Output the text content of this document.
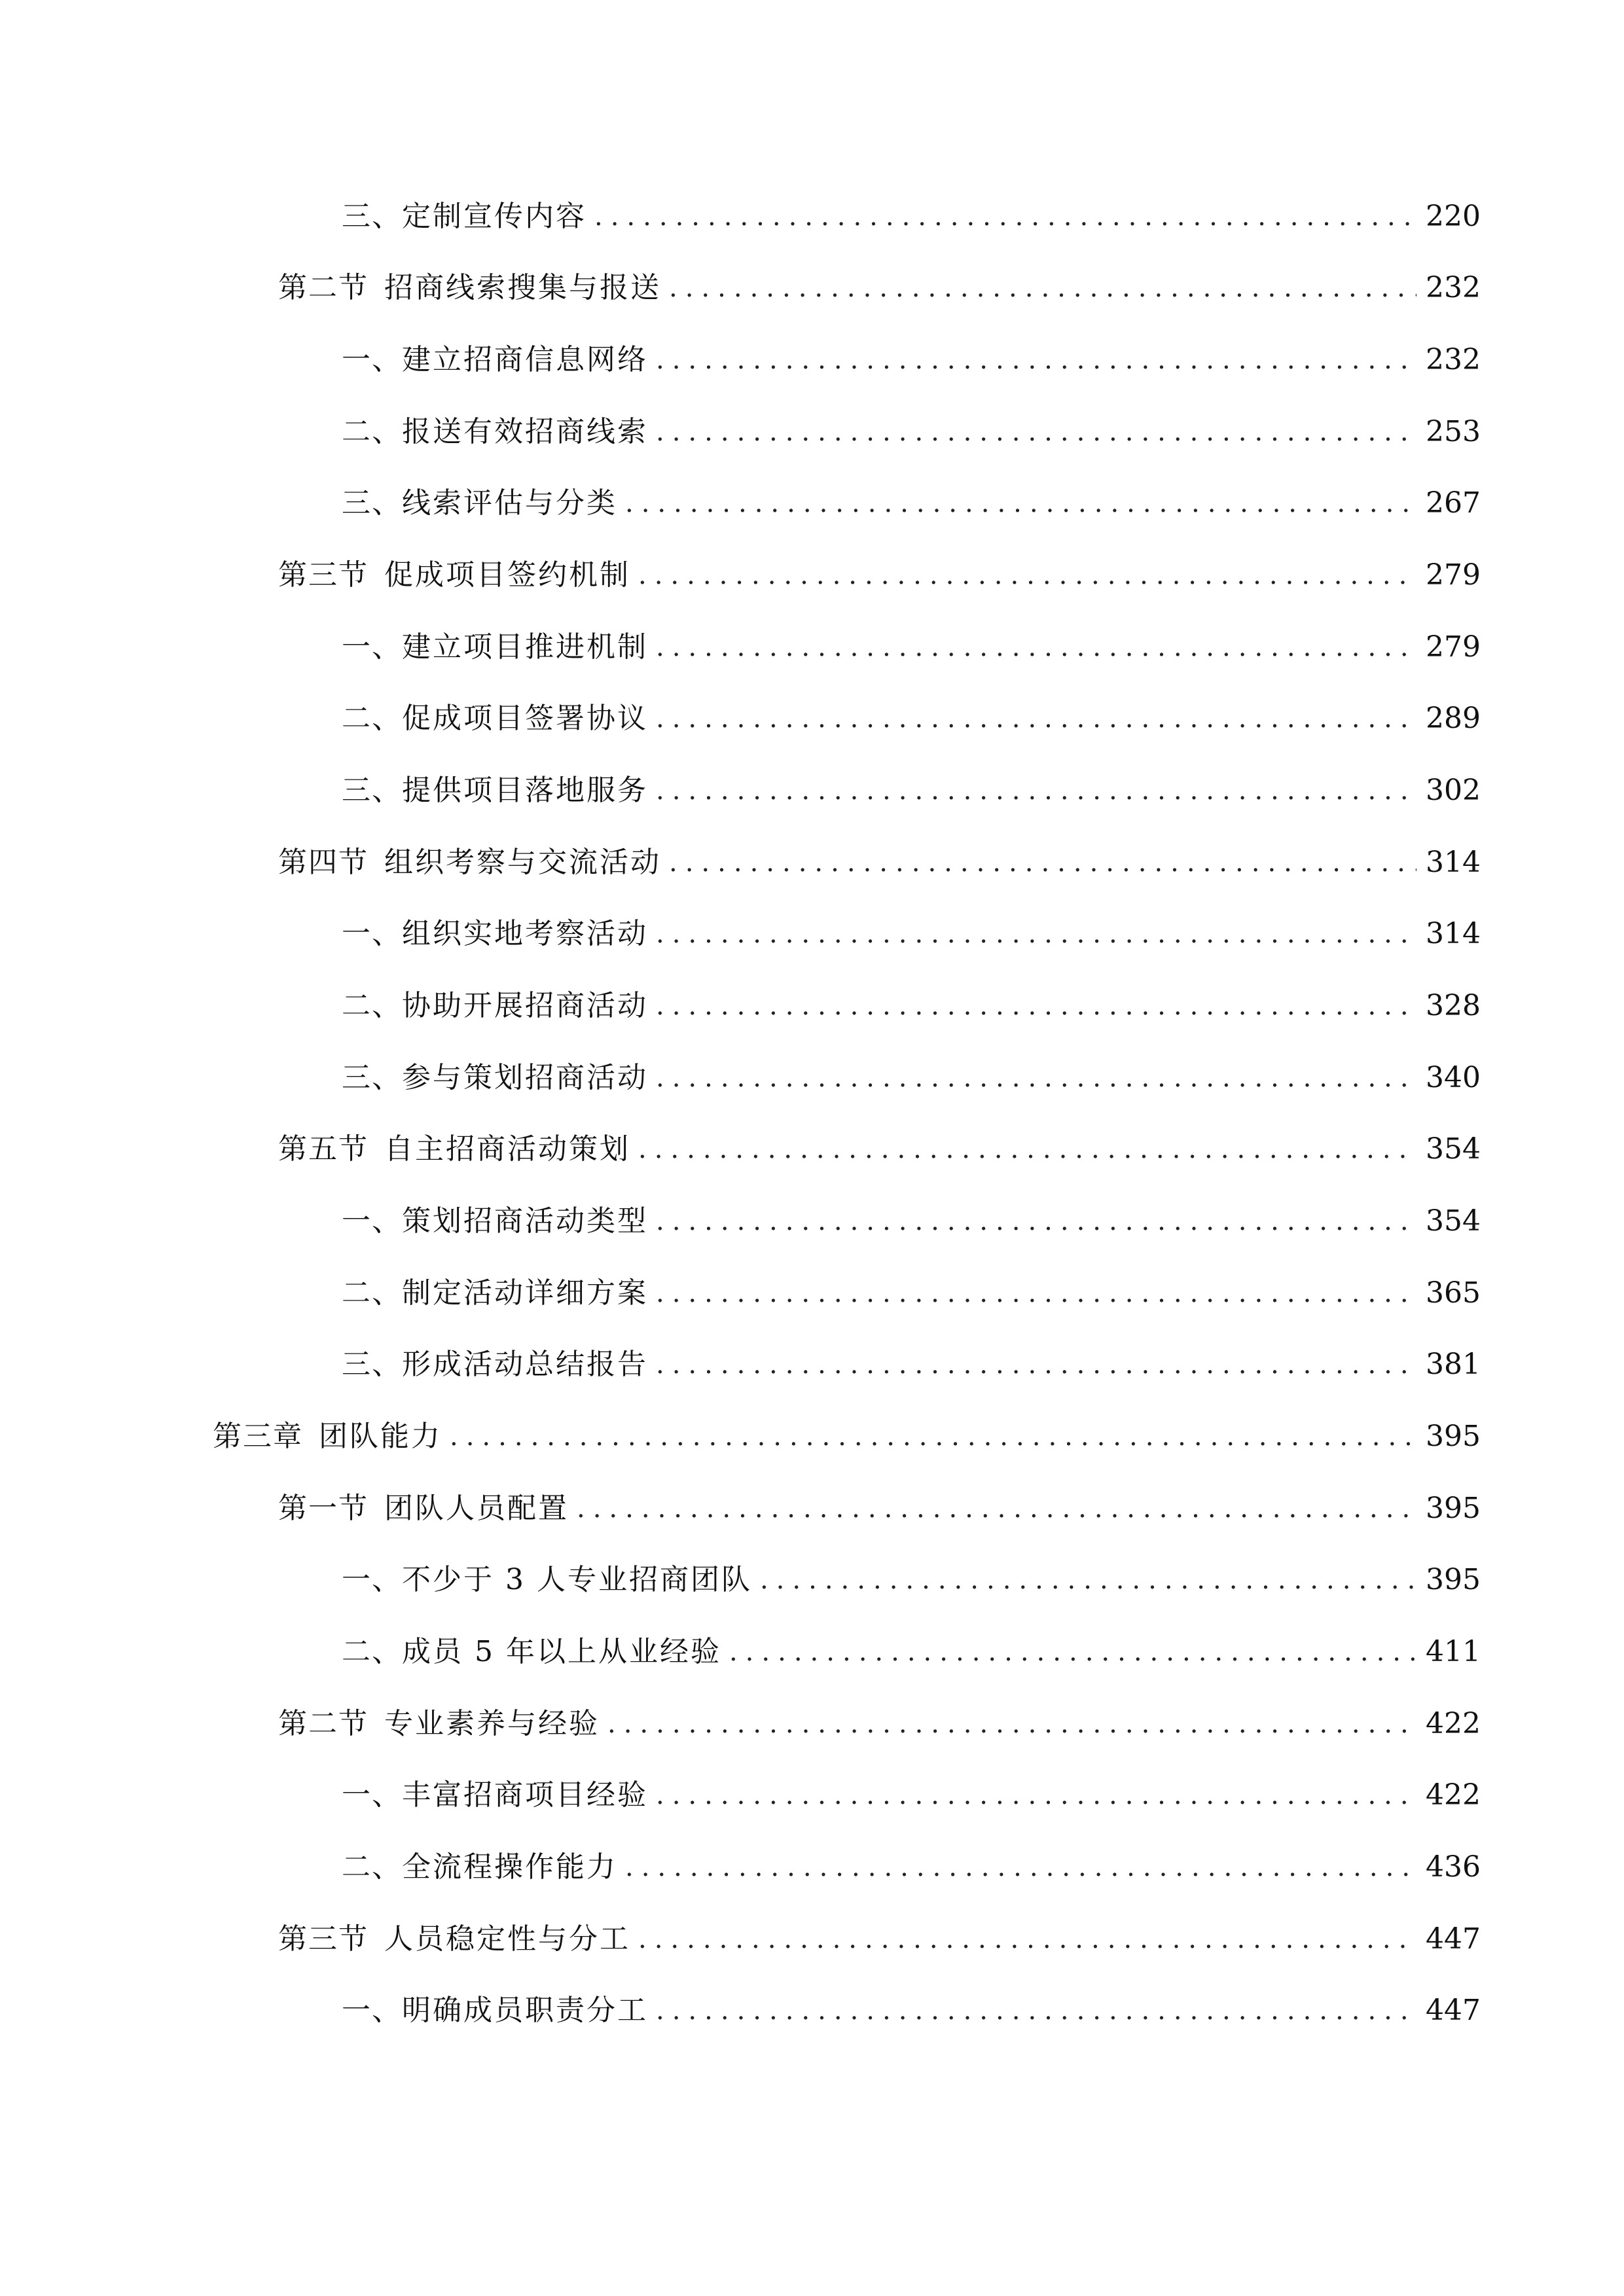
三、 定制宣传内容 .....	220
第二节 招商线索搜集与报送 .....	232
一、 建立招商信息网络 .....	232
二、 报送有效招商线索 .....	253
三、 线索评估与分类 .....	267
第三节 促成项目签约机制 .....	279
一、 建立项目推进机制 .....	279
二、 促成项目签署协议 .....	289
三、 提供项目落地服务 .....	302
第四节 组织考察与交流活动 .....	314
一、 组织实地考察活动 .....	314
二、 协助开展招商活动 .....	328
三、 参与策划招商活动 .....	340
第五节 自主招商活动策划 .....	354
一、 策划招商活动类型 .....	354
二、 制定活动详细方案 .....	365
三、 形成活动总结报告 .....	381
第三章 团队能力 .....	395
第一节 团队人员配置 .....	395
一、 不少于 3 人专业招商团队 .....	395
二、 成员 5 年以上从业经验 .....	411
第二节 专业素养与经验 .....	422
一、 丰富招商项目经验 .....	422
二、 全流程操作能力 .....	436
第三节 人员稳定性与分工 .....	447
一、 明确成员职责分工 .....	447
